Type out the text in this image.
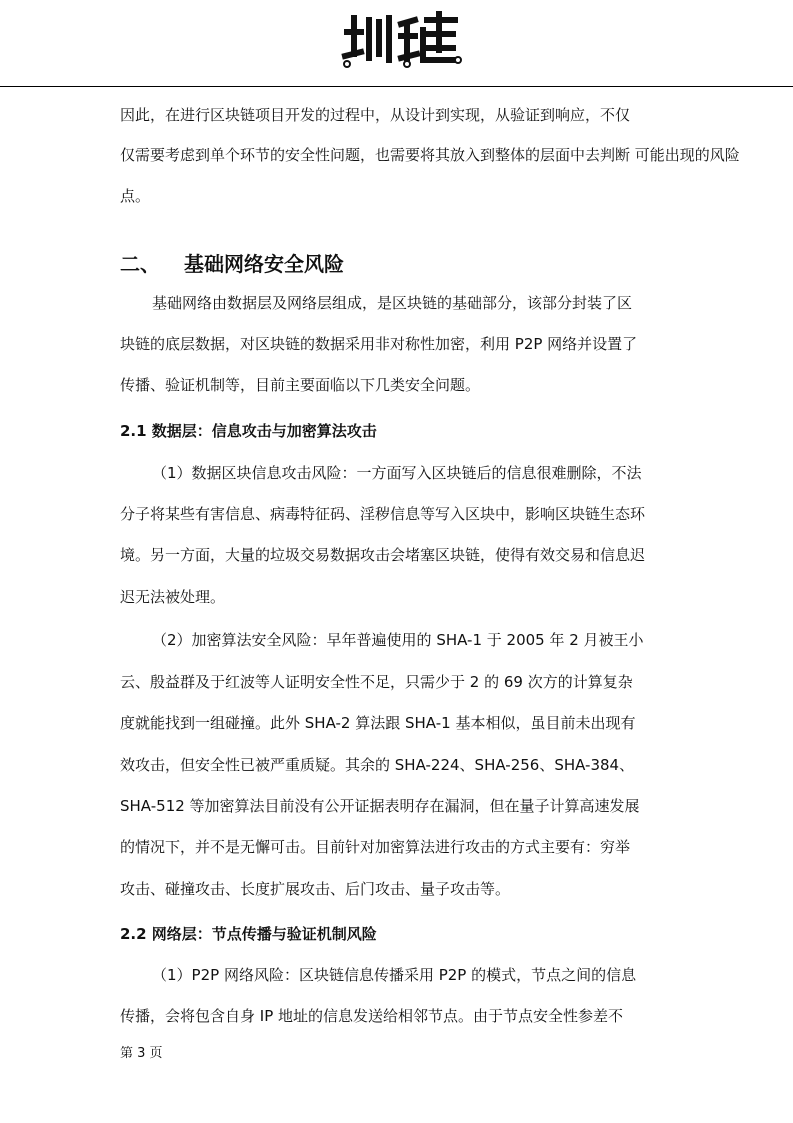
因此，在进行区块链项目开发的过程中，从设计到实现，从验证到响应，不仅
仅需要考虑到单个环节的安全性问题，也需要将其放入到整体的层面中去判断 可能出现的风险
点。
二、 基础网络安全风险
基础网络由数据层及网络层组成，是区块链的基础部分，该部分封装了区
块链的底层数据，对区块链的数据采用非对称性加密，利用 P2P 网络并设置了
传播、验证机制等，目前主要面临以下几类安全问题。
2.1 数据层：信息攻击与加密算法攻击
（1）数据区块信息攻击风险：一方面写入区块链后的信息很难删除，不法
分子将某些有害信息、病毒特征码、淫秽信息等写入区块中，影响区块链生态环
境。另一方面，大量的垃圾交易数据攻击会堵塞区块链，使得有效交易和信息迟
迟无法被处理。
（2）加密算法安全风险：早年普遍使用的 SHA-1 于 2005 年 2 月被王小
云、殷益群及于红波等人证明安全性不足，只需少于 2 的 69 次方的计算复杂
度就能找到一组碰撞。此外 SHA-2 算法跟 SHA-1 基本相似，虽目前未出现有
效攻击，但安全性已被严重质疑。其余的 SHA-224、SHA-256、SHA-384、
SHA-512 等加密算法目前没有公开证据表明存在漏洞，但在量子计算高速发展
的情况下，并不是无懈可击。目前针对加密算法进行攻击的方式主要有：穷举
攻击、碰撞攻击、长度扩展攻击、后门攻击、量子攻击等。
2.2 网络层：节点传播与验证机制风险
（1）P2P 网络风险：区块链信息传播采用 P2P 的模式，节点之间的信息
传播，会将包含自身 IP 地址的信息发送给相邻节点。由于节点安全性参差不
第 3 页
